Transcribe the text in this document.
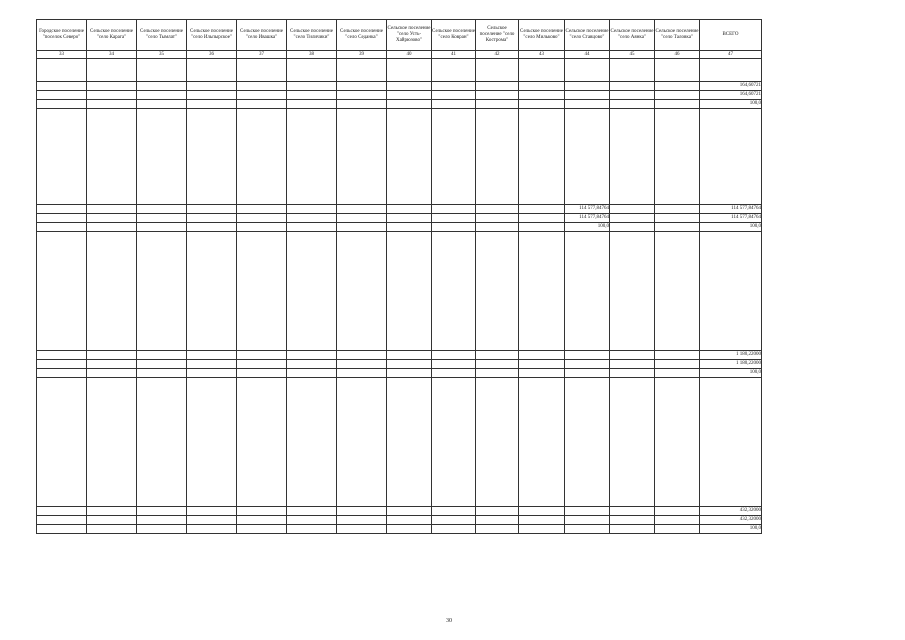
Городское поселение "поселок Северо"	Сельское поселение "село Карага"	Сельское поселение "село Тымлат"	Сельское поселение "село Ильпырское"	Сельское поселение "село Ивашка"	Сельское поселение "село Тиличики"	Сельское поселение "село Седанка"	Сельское поселение "село Усть-Хайрюзово"	Сельское поселение "село Ковран"	Сельское поселение "село Кострома"	Сельское поселение "село Мильково"	Сельское поселение "село Ставцово"	Сельское поселение "село Аянка"	Сельское поселение "село Таловка"	ВСЕГО
33	34	35	36	37	38	39	40	41	42	43	44	45	46	47

														164,60721
														164,60721
														100,0

											114 577,84764			114 577,84764
											114 577,84764			114 577,84764
											100,0			100,0

														1 180,22000
														1 180,22000
														100,0

														432,32000
														432,32000
														100,0
30
